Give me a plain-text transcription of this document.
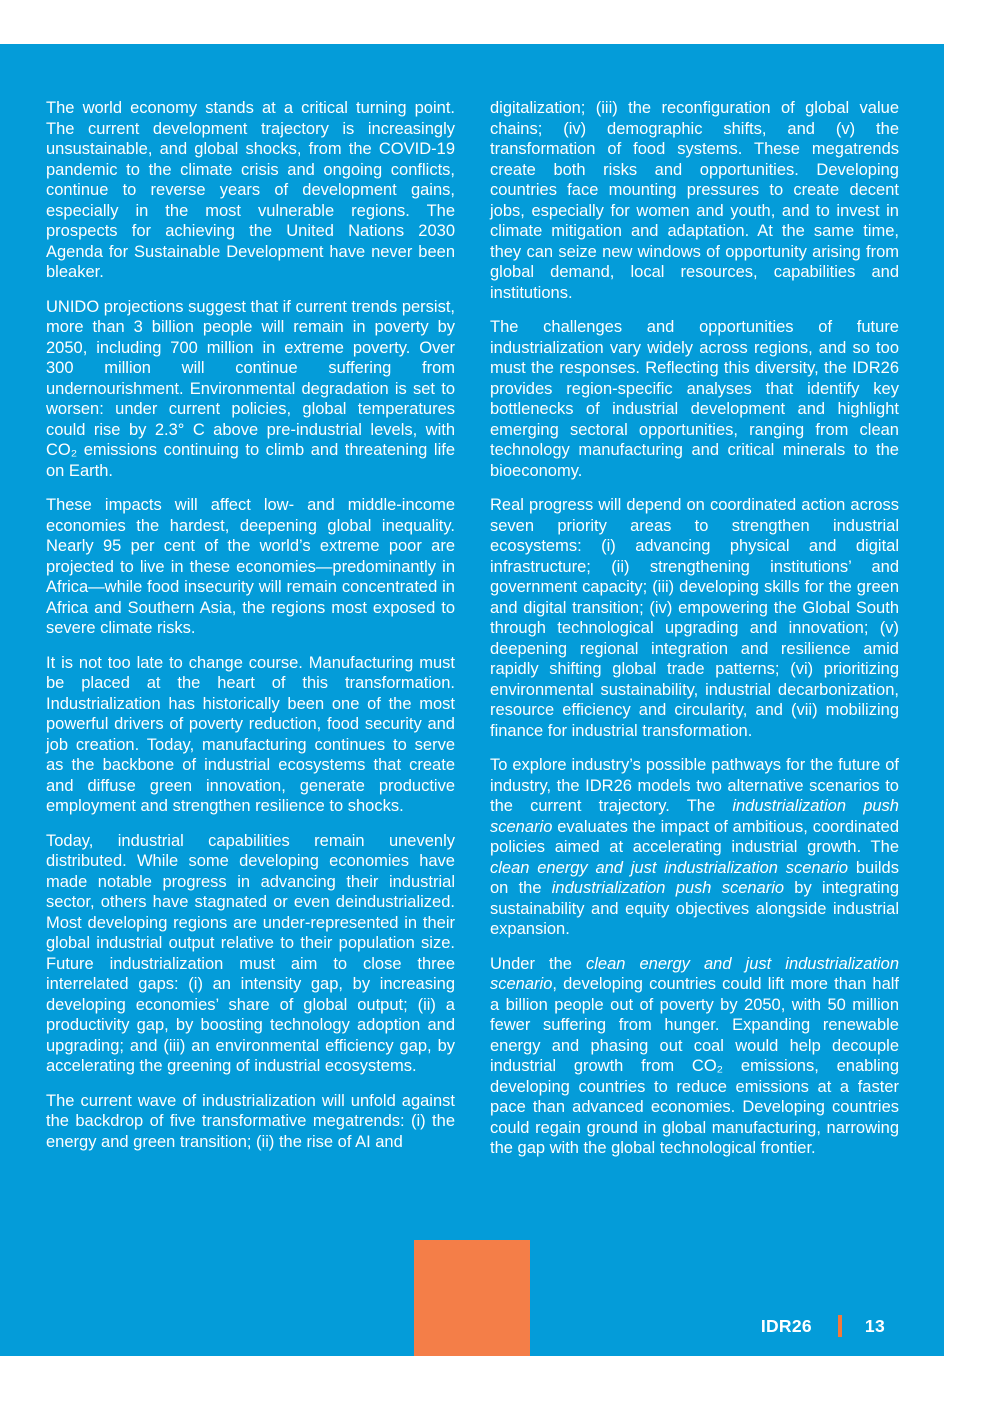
The world economy stands at a critical turning point. The current development trajectory is increasingly unsustainable, and global shocks, from the COVID-19 pandemic to the climate crisis and ongoing conflicts, continue to reverse years of development gains, especially in the most vulnerable regions. The prospects for achieving the United Nations 2030 Agenda for Sustainable Development have never been bleaker.

UNIDO projections suggest that if current trends persist, more than 3 billion people will remain in poverty by 2050, including 700 million in extreme poverty. Over 300 million will continue suffering from undernourishment. Environmental degradation is set to worsen: under current policies, global temperatures could rise by 2.3° C above pre-industrial levels, with CO₂ emissions continuing to climb and threatening life on Earth.

These impacts will affect low- and middle-income economies the hardest, deepening global inequality. Nearly 95 per cent of the world’s extreme poor are projected to live in these economies—predominantly in Africa—while food insecurity will remain concentrated in Africa and Southern Asia, the regions most exposed to severe climate risks.

It is not too late to change course. Manufacturing must be placed at the heart of this transformation. Industrialization has historically been one of the most powerful drivers of poverty reduction, food security and job creation. Today, manufacturing continues to serve as the backbone of industrial ecosystems that create and diffuse green innovation, generate productive employment and strengthen resilience to shocks.

Today, industrial capabilities remain unevenly distributed. While some developing economies have made notable progress in advancing their industrial sector, others have stagnated or even deindustrialized. Most developing regions are under-represented in their global industrial output relative to their population size. Future industrialization must aim to close three interrelated gaps: (i) an intensity gap, by increasing developing economies’ share of global output; (ii) a productivity gap, by boosting technology adoption and upgrading; and (iii) an environmental efficiency gap, by accelerating the greening of industrial ecosystems.

The current wave of industrialization will unfold against the backdrop of five transformative megatrends: (i) the energy and green transition; (ii) the rise of AI and

digitalization; (iii) the reconfiguration of global value chains; (iv) demographic shifts, and (v) the transformation of food systems. These megatrends create both risks and opportunities. Developing countries face mounting pressures to create decent jobs, especially for women and youth, and to invest in climate mitigation and adaptation. At the same time, they can seize new windows of opportunity arising from global demand, local resources, capabilities and institutions.

The challenges and opportunities of future industrialization vary widely across regions, and so too must the responses. Reflecting this diversity, the IDR26 provides region-specific analyses that identify key bottlenecks of industrial development and highlight emerging sectoral opportunities, ranging from clean technology manufacturing and critical minerals to the bioeconomy.

Real progress will depend on coordinated action across seven priority areas to strengthen industrial ecosystems: (i) advancing physical and digital infrastructure; (ii) strengthening institutions’ and government capacity; (iii) developing skills for the green and digital transition; (iv) empowering the Global South through technological upgrading and innovation; (v) deepening regional integration and resilience amid rapidly shifting global trade patterns; (vi) prioritizing environmental sustainability, industrial decarbonization, resource efficiency and circularity, and (vii) mobilizing finance for industrial transformation.

To explore industry’s possible pathways for the future of industry, the IDR26 models two alternative scenarios to the current trajectory. The industrialization push scenario evaluates the impact of ambitious, coordinated policies aimed at accelerating industrial growth. The clean energy and just industrialization scenario builds on the industrialization push scenario by integrating sustainability and equity objectives alongside industrial expansion.

Under the clean energy and just industrialization scenario, developing countries could lift more than half a billion people out of poverty by 2050, with 50 million fewer suffering from hunger. Expanding renewable energy and phasing out coal would help decouple industrial growth from CO₂ emissions, enabling developing countries to reduce emissions at a faster pace than advanced economies. Developing countries could regain ground in global manufacturing, narrowing the gap with the global technological frontier.

IDR26	13
